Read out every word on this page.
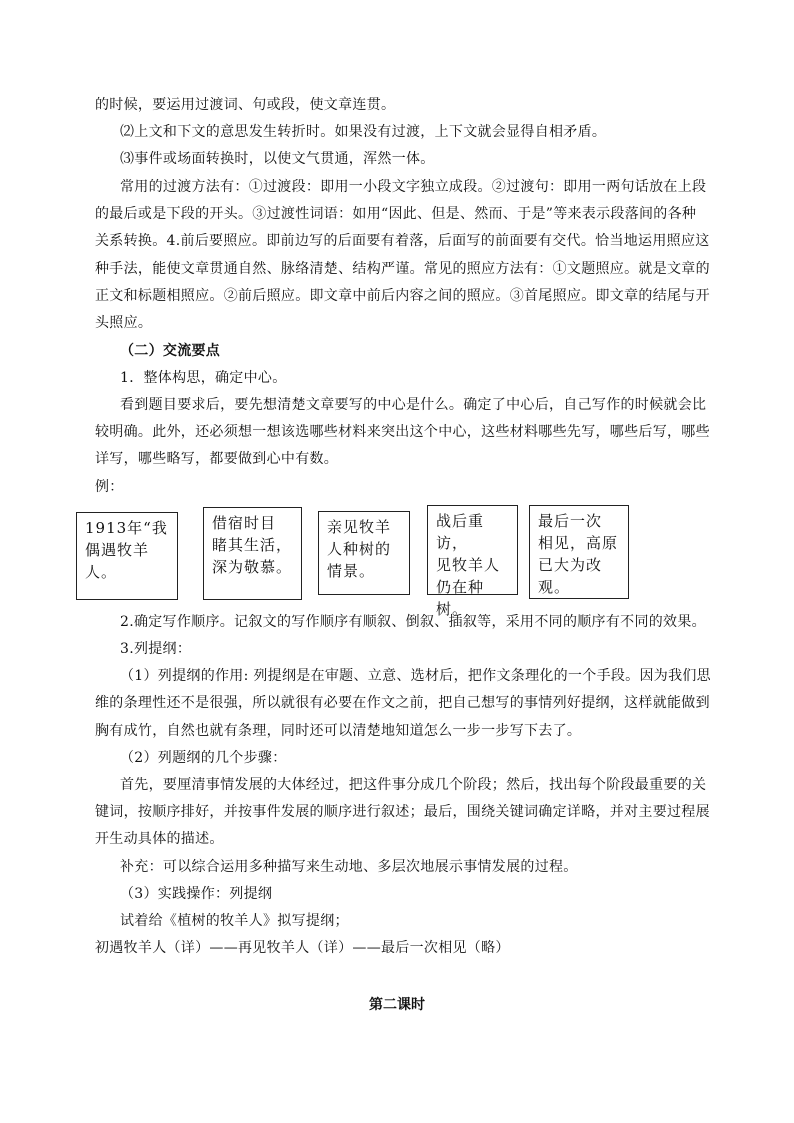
的时候，要运用过渡词、句或段，使文章连贯。
⑵上文和下文的意思发生转折时。如果没有过渡，上下文就会显得自相矛盾。
⑶事件或场面转换时，以使文气贯通，浑然一体。
常用的过渡方法有：①过渡段：即用一小段文字独立成段。②过渡句：即用一两句话放在上段
的最后或是下段的开头。③过渡性词语：如用“因此、但是、然而、于是”等来表示段落间的各种
关系转换。4.前后要照应。即前边写的后面要有着落，后面写的前面要有交代。恰当地运用照应这
种手法，能使文章贯通自然、脉络清楚、结构严谨。常见的照应方法有：①文题照应。就是文章的
正文和标题相照应。②前后照应。即文章中前后内容之间的照应。③首尾照应。即文章的结尾与开
头照应。
（二）交流要点
1．整体构思，确定中心。
看到题目要求后，要先想清楚文章要写的中心是什么。确定了中心后，自己写作的时候就会比
较明确。此外，还必须想一想该选哪些材料来突出这个中心，这些材料哪些先写，哪些后写，哪些
详写，哪些略写，都要做到心中有数。
例：
1913年“我
偶遇牧羊人。
借宿时目
睹其生活，
深为敬慕。
亲见牧羊
人种树的
情景。
战后重访，
见牧羊人
仍在种树。
最后一次
相见，高原
已大为改
观。
2.确定写作顺序。记叙文的写作顺序有顺叙、倒叙、插叙等，采用不同的顺序有不同的效果。
3.列提纲：
（1）列提纲的作用: 列提纲是在审题、立意、选材后，把作文条理化的一个手段。因为我们思
维的条理性还不是很强，所以就很有必要在作文之前，把自己想写的事情列好提纲，这样就能做到
胸有成竹，自然也就有条理，同时还可以清楚地知道怎么一步一步写下去了。
（2）列题纲的几个步骤：
首先，要厘清事情发展的大体经过，把这件事分成几个阶段；然后，找出每个阶段最重要的关
键词，按顺序排好，并按事件发展的顺序进行叙述；最后，围绕关键词确定详略，并对主要过程展
开生动具体的描述。
补充：可以综合运用多种描写来生动地、多层次地展示事情发展的过程。
（3）实践操作：列提纲
试着给《植树的牧羊人》拟写提纲；
初遇牧羊人（详）——再见牧羊人（详）——最后一次相见（略）
第二课时
